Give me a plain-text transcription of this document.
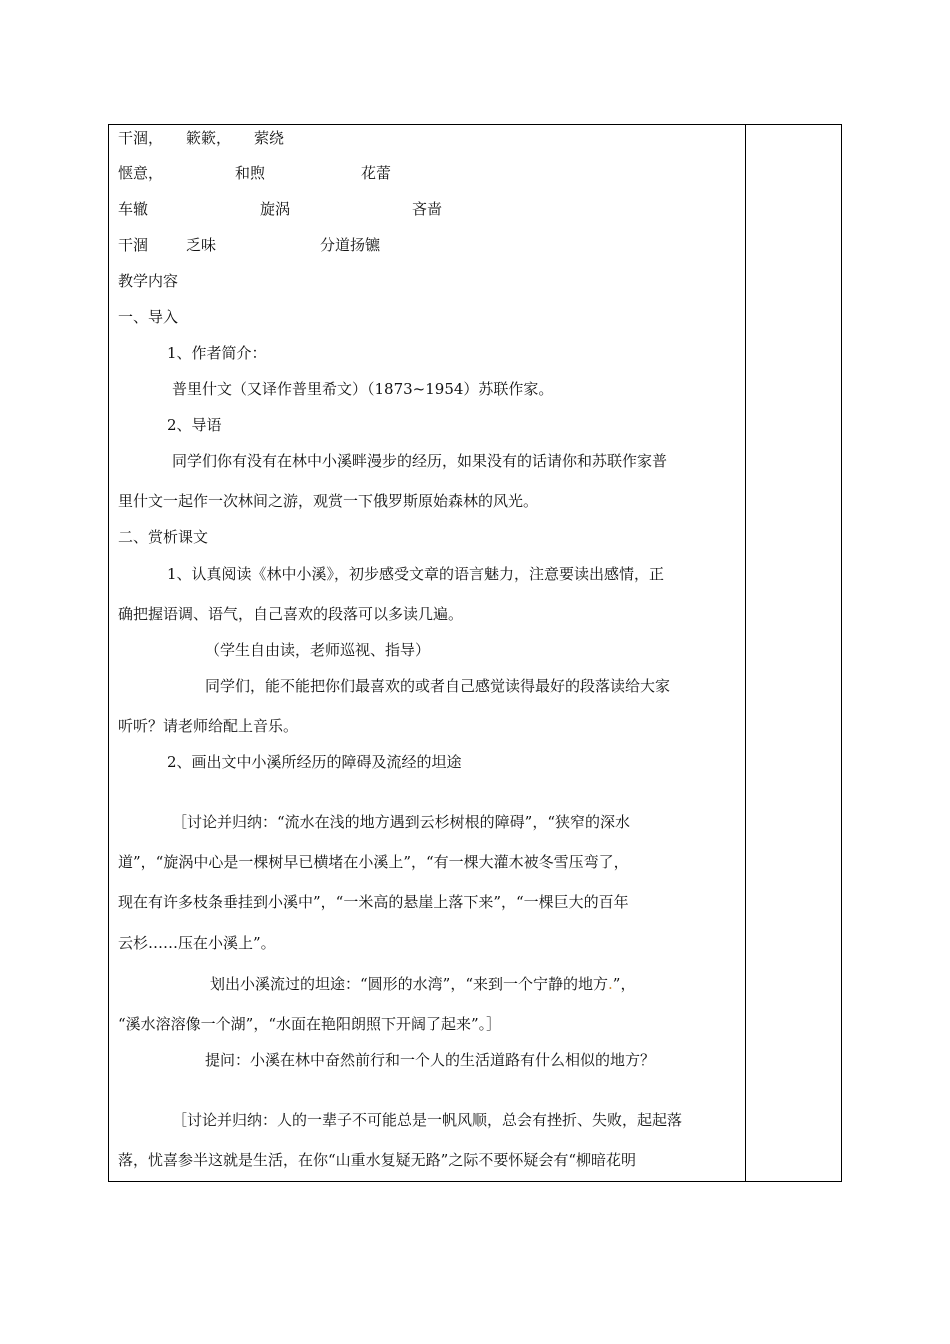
干涸， 簌簌， 萦绕
惬意，	和煦	花蕾
车辙	旋涡	吝啬
干涸	乏味	分道扬镳
教学内容
一、导入
1、作者简介：
普里什文（又译作普里希文）（1873~1954）苏联作家。
2、导语
同学们你有没有在林中小溪畔漫步的经历，如果没有的话请你和苏联作家普
里什文一起作一次林间之游，观赏一下俄罗斯原始森林的风光。
二、赏析课文
1、认真阅读《林中小溪》，初步感受文章的语言魅力，注意要读出感情，正
确把握语调、语气，自己喜欢的段落可以多读几遍。
（学生自由读，老师巡视、指导）
同学们，能不能把你们最喜欢的或者自己感觉读得最好的段落读给大家
听听？请老师给配上音乐。
2、画出文中小溪所经历的障碍及流经的坦途
［讨论并归纳：“流水在浅的地方遇到云杉树根的障碍”，“狭窄的深水
道”，“旋涡中心是一棵树早已横堵在小溪上”，“有一棵大灌木被冬雪压弯了，
现在有许多枝条垂挂到小溪中”，“一米高的悬崖上落下来”，“一棵巨大的百年
云杉……压在小溪上”。
划出小溪流过的坦途：“圆形的水湾”，“来到一个宁静的地方.”，
“溪水溶溶像一个湖”，“水面在艳阳朗照下开阔了起来”。］
提问：小溪在林中奋然前行和一个人的生活道路有什么相似的地方？
［讨论并归纳：人的一辈子不可能总是一帆风顺，总会有挫折、失败，起起落
落，忧喜参半这就是生活，在你“山重水复疑无路”之际不要怀疑会有“柳暗花明
